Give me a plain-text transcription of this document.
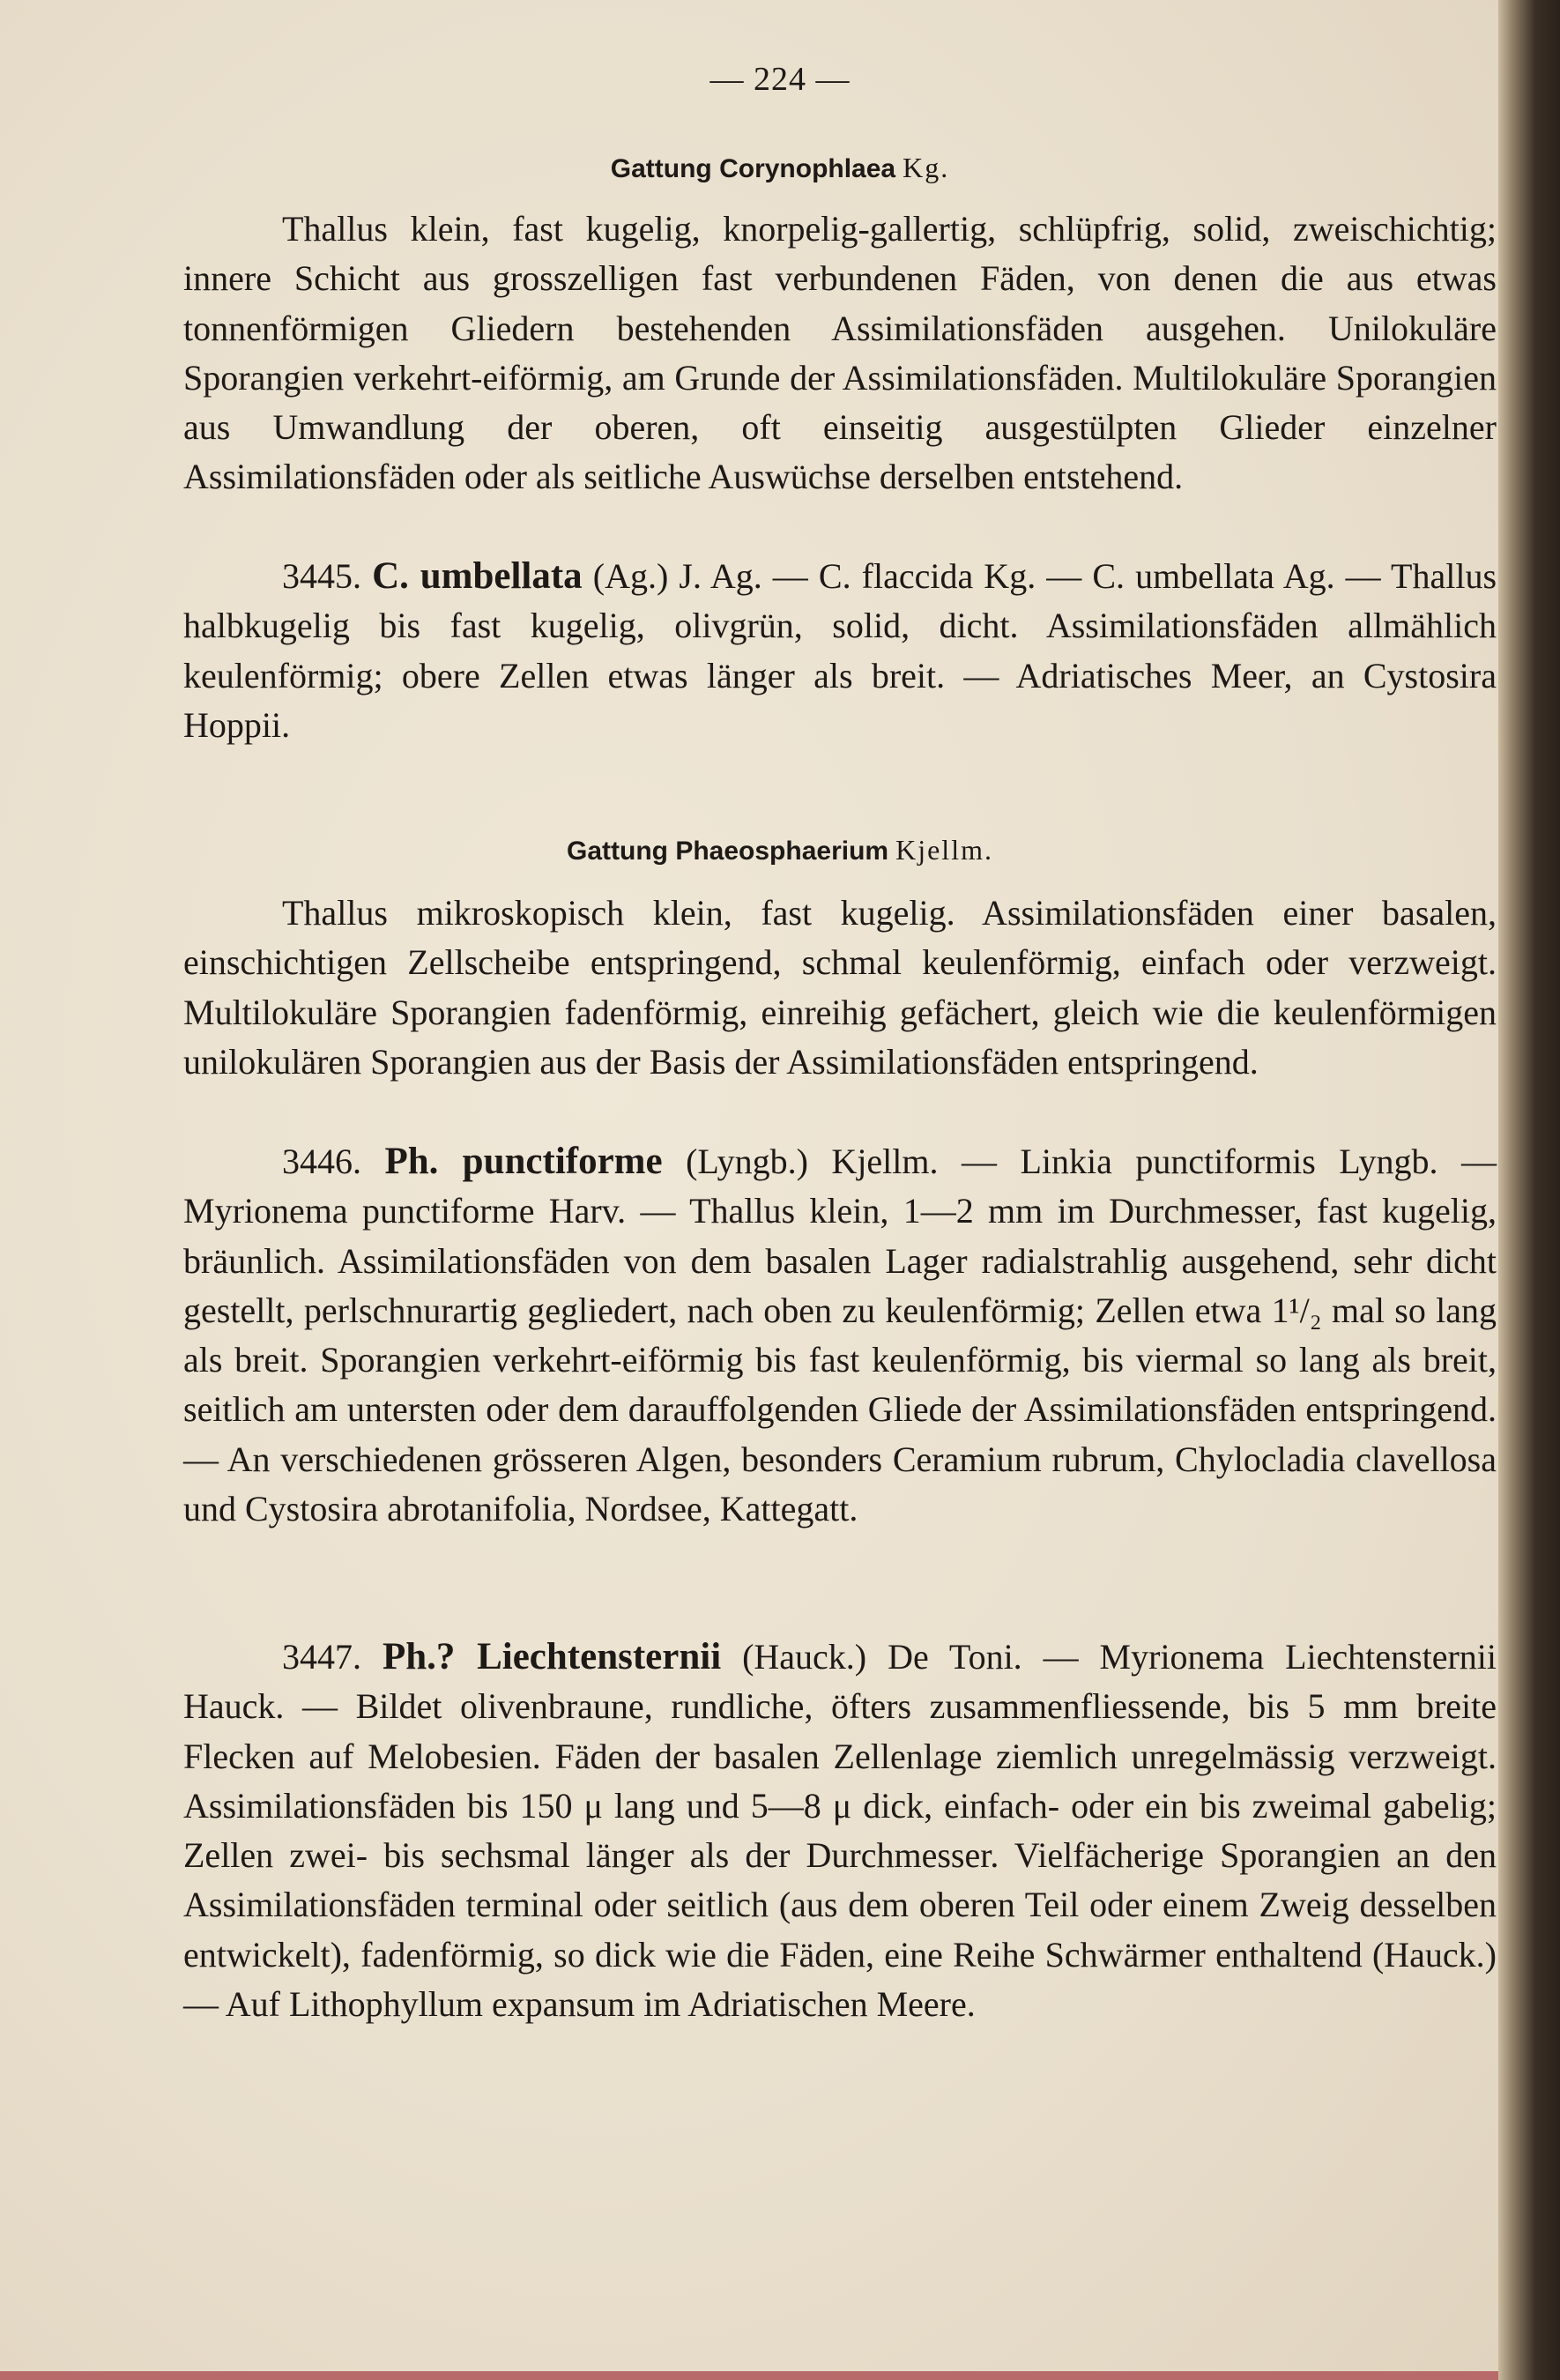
— 224 —
Gattung Corynophlaea Kg.

Thallus klein, fast kugelig, knorpelig-gallertig, schlüpfrig, solid, zweischichtig; innere Schicht aus grosszelligen fast verbundenen Fäden, von denen die aus etwas tonnenförmigen Gliedern bestehenden Assimilationsfäden ausgehen. Unilokuläre Sporangien verkehrt-eiförmig, am Grunde der Assimilationsfäden. Multilokuläre Sporangien aus Umwandlung der oberen, oft einseitig ausgestülpten Glieder einzelner Assimilationsfäden oder als seitliche Auswüchse derselben entstehend.

3445. C. umbellata (Ag.) J. Ag. — C. flaccida Kg. — C. umbellata Ag. — Thallus halbkugelig bis fast kugelig, olivgrün, solid, dicht. Assimilationsfäden allmählich keulenförmig; obere Zellen etwas länger als breit. — Adriatisches Meer, an Cystosira Hoppii.

Gattung Phaeosphaerium Kjellm.

Thallus mikroskopisch klein, fast kugelig. Assimilationsfäden einer basalen, einschichtigen Zellscheibe entspringend, schmal keulenförmig, einfach oder verzweigt. Multilokuläre Sporangien fadenförmig, einreihig gefächert, gleich wie die keulenförmigen unilokulären Sporangien aus der Basis der Assimilationsfäden entspringend.

3446. Ph. punctiforme (Lyngb.) Kjellm. — Linkia punctiformis Lyngb. — Myrionema punctiforme Harv. — Thallus klein, 1—2 mm im Durchmesser, fast kugelig, bräunlich. Assimilationsfäden von dem basalen Lager radialstrahlig ausgehend, sehr dicht gestellt, perlschnurartig gegliedert, nach oben zu keulenförmig; Zellen etwa 1¹/₂ mal so lang als breit. Sporangien verkehrt-eiförmig bis fast keulenförmig, bis viermal so lang als breit, seitlich am untersten oder dem darauffolgenden Gliede der Assimilationsfäden entspringend. — An verschiedenen grösseren Algen, besonders Ceramium rubrum, Chylocladia clavellosa und Cystosira abrotanifolia, Nordsee, Kattegatt.

3447. Ph.? Liechtensternii (Hauck.) De Toni. — Myrionema Liechtensternii Hauck. — Bildet olivenbraune, rundliche, öfters zusammenfliessende, bis 5 mm breite Flecken auf Melobesien. Fäden der basalen Zellenlage ziemlich unregelmässig verzweigt. Assimilationsfäden bis 150 μ lang und 5—8 μ dick, einfach- oder ein bis zweimal gabelig; Zellen zwei- bis sechsmal länger als der Durchmesser. Vielfächerige Sporangien an den Assimilationsfäden terminal oder seitlich (aus dem oberen Teil oder einem Zweig desselben entwickelt), fadenförmig, so dick wie die Fäden, eine Reihe Schwärmer enthaltend (Hauck.) — Auf Lithophyllum expansum im Adriatischen Meere.
